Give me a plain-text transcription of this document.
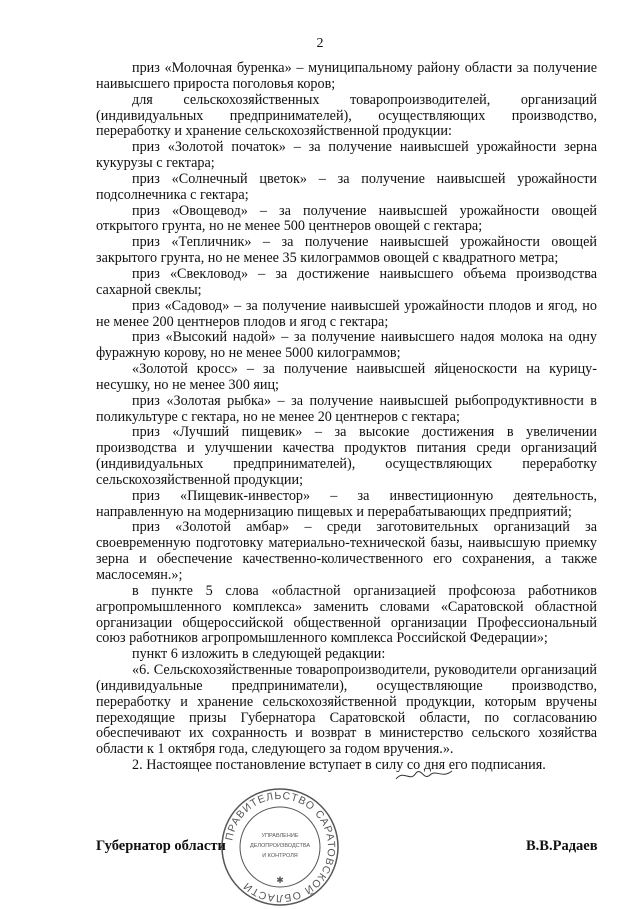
2

приз «Молочная буренка» – муниципальному району области за получение наивысшего прироста поголовья коров;

для сельскохозяйственных товаропроизводителей, организаций (индивидуальных предпринимателей), осуществляющих производство, переработку и хранение сельскохозяйственной продукции:

приз «Золотой початок» – за получение наивысшей урожайности зерна кукурузы с гектара;

приз «Солнечный цветок» – за получение наивысшей урожайности подсолнечника с гектара;

приз «Овощевод» – за получение наивысшей урожайности овощей открытого грунта, но не менее 500 центнеров овощей с гектара;

приз «Тепличник» – за получение наивысшей урожайности овощей закрытого грунта, но не менее 35 килограммов овощей с квадратного метра;

приз «Свекловод» – за достижение наивысшего объема производства сахарной свеклы;

приз «Садовод» – за получение наивысшей урожайности плодов и ягод, но не менее 200 центнеров плодов и ягод с гектара;

приз «Высокий надой» – за получение наивысшего надоя молока на одну фуражную корову, но не менее 5000 килограммов;

«Золотой кросс» – за получение наивысшей яйценоскости на курицу-несушку, но не менее 300 яиц;

приз «Золотая рыбка» – за получение наивысшей рыбопродуктивности в поликультуре с гектара, но не менее 20 центнеров с гектара;

приз «Лучший пищевик» – за высокие достижения в увеличении производства и улучшении качества продуктов питания среди организаций (индивидуальных предпринимателей), осуществляющих переработку сельскохозяйственной продукции;

приз «Пищевик-инвестор» – за инвестиционную деятельность, направленную на модернизацию пищевых и перерабатывающих предприятий;

приз «Золотой амбар» – среди заготовительных организаций за своевременную подготовку материально-технической базы, наивысшую приемку зерна и обеспечение качественно-количественного его сохранения, а также маслосемян.»;

в пункте 5 слова «областной организацией профсоюза работников агропромышленного комплекса» заменить словами «Саратовской областной организации общероссийской общественной организации Профессиональный союз работников агропромышленного комплекса Российской Федерации»;

пункт 6 изложить в следующей редакции:

«6. Сельскохозяйственные товаропроизводители, руководители организаций (индивидуальные предприниматели), осуществляющие производство, переработку и хранение сельскохозяйственной продукции, которым вручены переходящие призы Губернатора Саратовской области, по согласованию обеспечивают их сохранность и возврат в министерство сельского хозяйства области к 1 октября года, следующего за годом вручения.».

2. Настоящее постановление вступает в силу со дня его подписания.

ПРАВИТЕЛЬСТВО САРАТОВСКОЙ ОБЛАСТИ
УПРАВЛЕНИЕ
ДЕЛОПРОИЗВОДСТВА
И КОНТРОЛЯ
✱
Губернатор области	В.В.Радаев
